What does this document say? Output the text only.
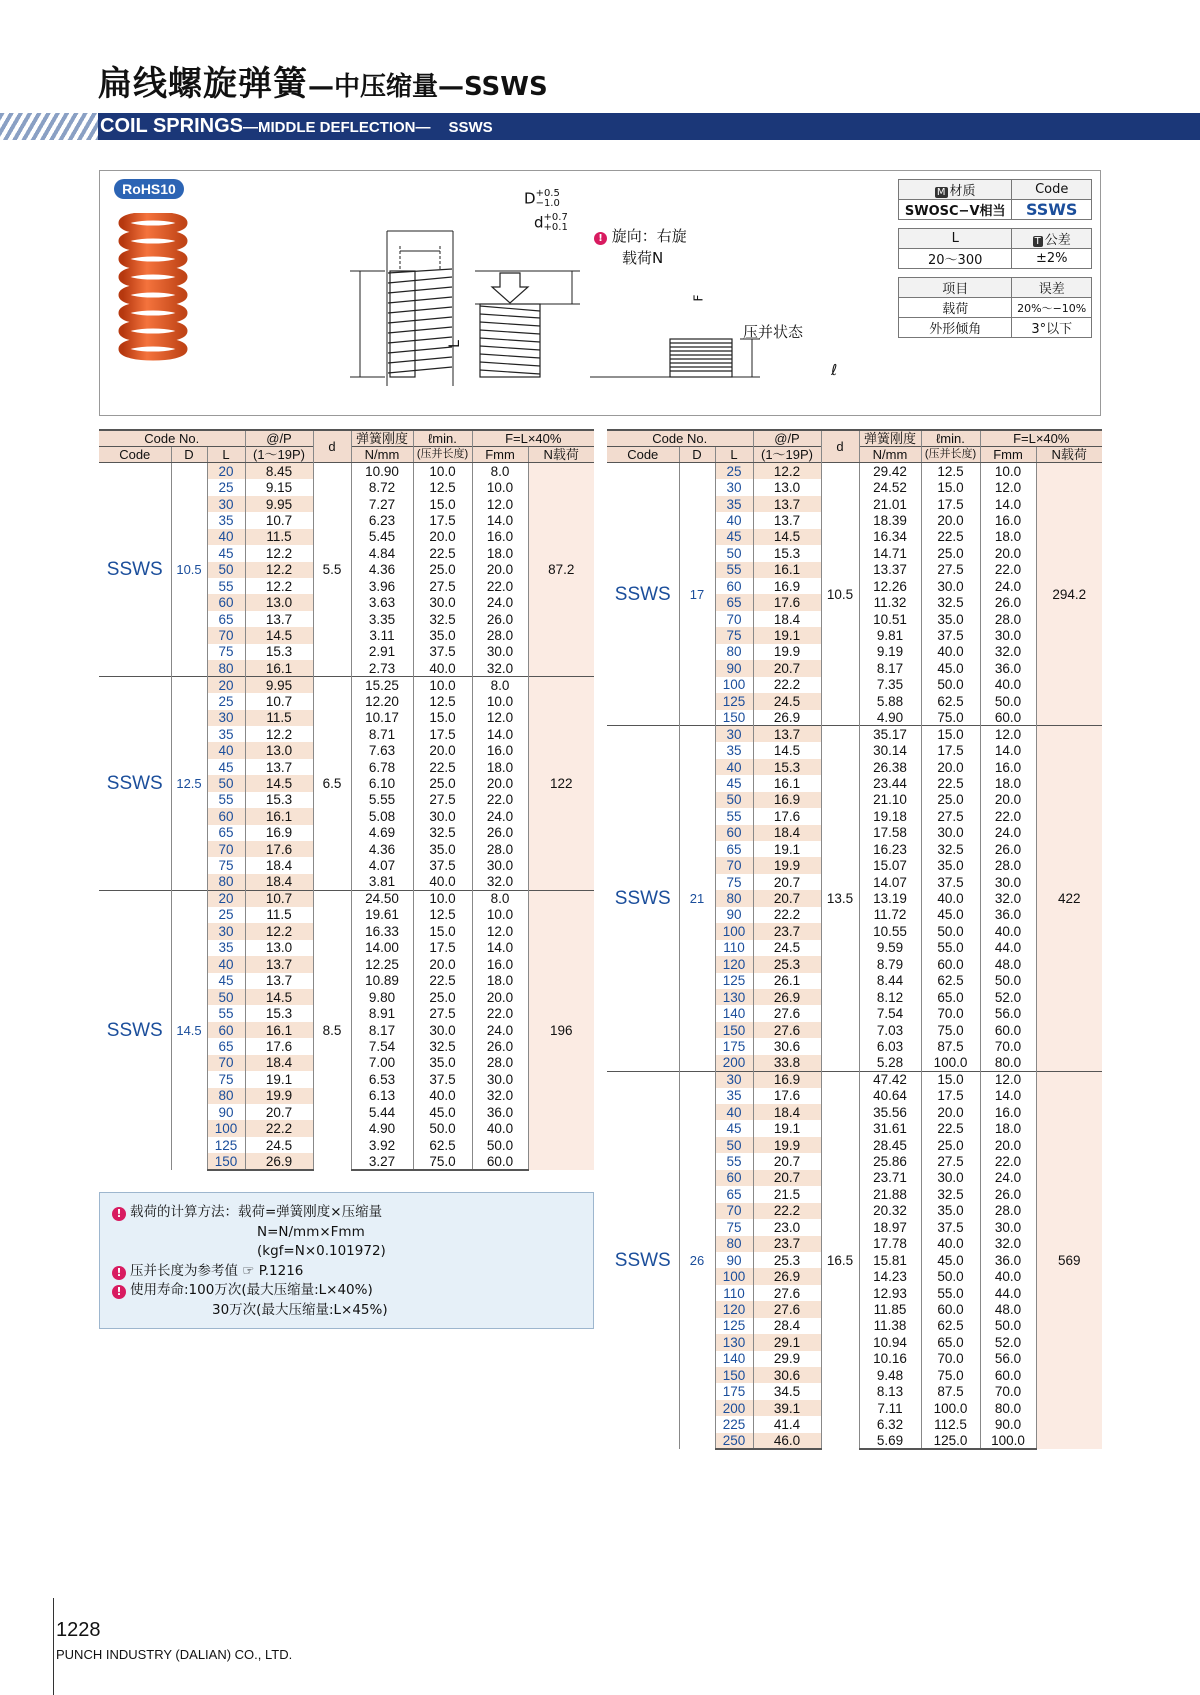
扁线螺旋弹簧—中压缩量—SSWS
COIL SPRINGS—MIDDLE DEFLECTION— SSWS
RoHS10
D+0.5
−1.0
d+0.7
+0.1
! 旋向：右旋
载荷N
F
L
压并状态
ℓ
M 材质	Code
SWOSC−V相当	SSWS

L	T 公差
20～300	±2%

项目	误差
载荷	20%～−10%
外形倾角	3°以下
Code No.			@/P	d	弹簧刚度	ℓmin.	F=L×40%	
Code	D	L	(1～19P)		N/mm	(压并长度)	Fmm	N载荷
SSWS	10.5	20	8.45	5.5	10.90	10.0	8.0	87.2
		25	9.15		8.72	12.5	10.0	
		30	9.95		7.27	15.0	12.0	
		35	10.7		6.23	17.5	14.0	
		40	11.5		5.45	20.0	16.0	
		45	12.2		4.84	22.5	18.0	
		50	12.2		4.36	25.0	20.0	
		55	12.2		3.96	27.5	22.0	
		60	13.0		3.63	30.0	24.0	
		65	13.7		3.35	32.5	26.0	
		70	14.5		3.11	35.0	28.0	
		75	15.3		2.91	37.5	30.0	
		80	16.1		2.73	40.0	32.0	
SSWS	12.5	20	9.95	6.5	15.25	10.0	8.0	122
		25	10.7		12.20	12.5	10.0	
		30	11.5		10.17	15.0	12.0	
		35	12.2		8.71	17.5	14.0	
		40	13.0		7.63	20.0	16.0	
		45	13.7		6.78	22.5	18.0	
		50	14.5		6.10	25.0	20.0	
		55	15.3		5.55	27.5	22.0	
		60	16.1		5.08	30.0	24.0	
		65	16.9		4.69	32.5	26.0	
		70	17.6		4.36	35.0	28.0	
		75	18.4		4.07	37.5	30.0	
		80	18.4		3.81	40.0	32.0	
SSWS	14.5	20	10.7	8.5	24.50	10.0	8.0	196
		25	11.5		19.61	12.5	10.0	
		30	12.2		16.33	15.0	12.0	
		35	13.0		14.00	17.5	14.0	
		40	13.7		12.25	20.0	16.0	
		45	13.7		10.89	22.5	18.0	
		50	14.5		9.80	25.0	20.0	
		55	15.3		8.91	27.5	22.0	
		60	16.1		8.17	30.0	24.0	
		65	17.6		7.54	32.5	26.0	
		70	18.4		7.00	35.0	28.0	
		75	19.1		6.53	37.5	30.0	
		80	19.9		6.13	40.0	32.0	
		90	20.7		5.44	45.0	36.0	
		100	22.2		4.90	50.0	40.0	
		125	24.5		3.92	62.5	50.0	
		150	26.9		3.27	75.0	60.0	
Code No.			@/P	d	弹簧刚度	ℓmin.	F=L×40%	
Code	D	L	(1～19P)		N/mm	(压并长度)	Fmm	N载荷
SSWS	17	25	12.2	10.5	29.42	12.5	10.0	294.2
		30	13.0		24.52	15.0	12.0	
		35	13.7		21.01	17.5	14.0	
		40	13.7		18.39	20.0	16.0	
		45	14.5		16.34	22.5	18.0	
		50	15.3		14.71	25.0	20.0	
		55	16.1		13.37	27.5	22.0	
		60	16.9		12.26	30.0	24.0	
		65	17.6		11.32	32.5	26.0	
		70	18.4		10.51	35.0	28.0	
		75	19.1		9.81	37.5	30.0	
		80	19.9		9.19	40.0	32.0	
		90	20.7		8.17	45.0	36.0	
		100	22.2		7.35	50.0	40.0	
		125	24.5		5.88	62.5	50.0	
		150	26.9		4.90	75.0	60.0	
SSWS	21	30	13.7	13.5	35.17	15.0	12.0	422
		35	14.5		30.14	17.5	14.0	
		40	15.3		26.38	20.0	16.0	
		45	16.1		23.44	22.5	18.0	
		50	16.9		21.10	25.0	20.0	
		55	17.6		19.18	27.5	22.0	
		60	18.4		17.58	30.0	24.0	
		65	19.1		16.23	32.5	26.0	
		70	19.9		15.07	35.0	28.0	
		75	20.7		14.07	37.5	30.0	
		80	20.7		13.19	40.0	32.0	
		90	22.2		11.72	45.0	36.0	
		100	23.7		10.55	50.0	40.0	
		110	24.5		9.59	55.0	44.0	
		120	25.3		8.79	60.0	48.0	
		125	26.1		8.44	62.5	50.0	
		130	26.9		8.12	65.0	52.0	
		140	27.6		7.54	70.0	56.0	
		150	27.6		7.03	75.0	60.0	
		175	30.6		6.03	87.5	70.0	
		200	33.8		5.28	100.0	80.0	
SSWS	26	30	16.9	16.5	47.42	15.0	12.0	569
		35	17.6		40.64	17.5	14.0	
		40	18.4		35.56	20.0	16.0	
		45	19.1		31.61	22.5	18.0	
		50	19.9		28.45	25.0	20.0	
		55	20.7		25.86	27.5	22.0	
		60	20.7		23.71	30.0	24.0	
		65	21.5		21.88	32.5	26.0	
		70	22.2		20.32	35.0	28.0	
		75	23.0		18.97	37.5	30.0	
		80	23.7		17.78	40.0	32.0	
		90	25.3		15.81	45.0	36.0	
		100	26.9		14.23	50.0	40.0	
		110	27.6		12.93	55.0	44.0	
		120	27.6		11.85	60.0	48.0	
		125	28.4		11.38	62.5	50.0	
		130	29.1		10.94	65.0	52.0	
		140	29.9		10.16	70.0	56.0	
		150	30.6		9.48	75.0	60.0	
		175	34.5		8.13	87.5	70.0	
		200	39.1		7.11	100.0	80.0	
		225	41.4		6.32	112.5	90.0	
		250	46.0		5.69	125.0	100.0	
! 载荷的计算方法：载荷=弹簧刚度×压缩量
N=N/mm×Fmm
(kgf=N×0.101972)
! 压并长度为参考值 ☞ P.1216
! 使用寿命:100万次(最大压缩量:L×40%)
30万次(最大压缩量:L×45%)
1228
PUNCH INDUSTRY (DALIAN) CO., LTD.
